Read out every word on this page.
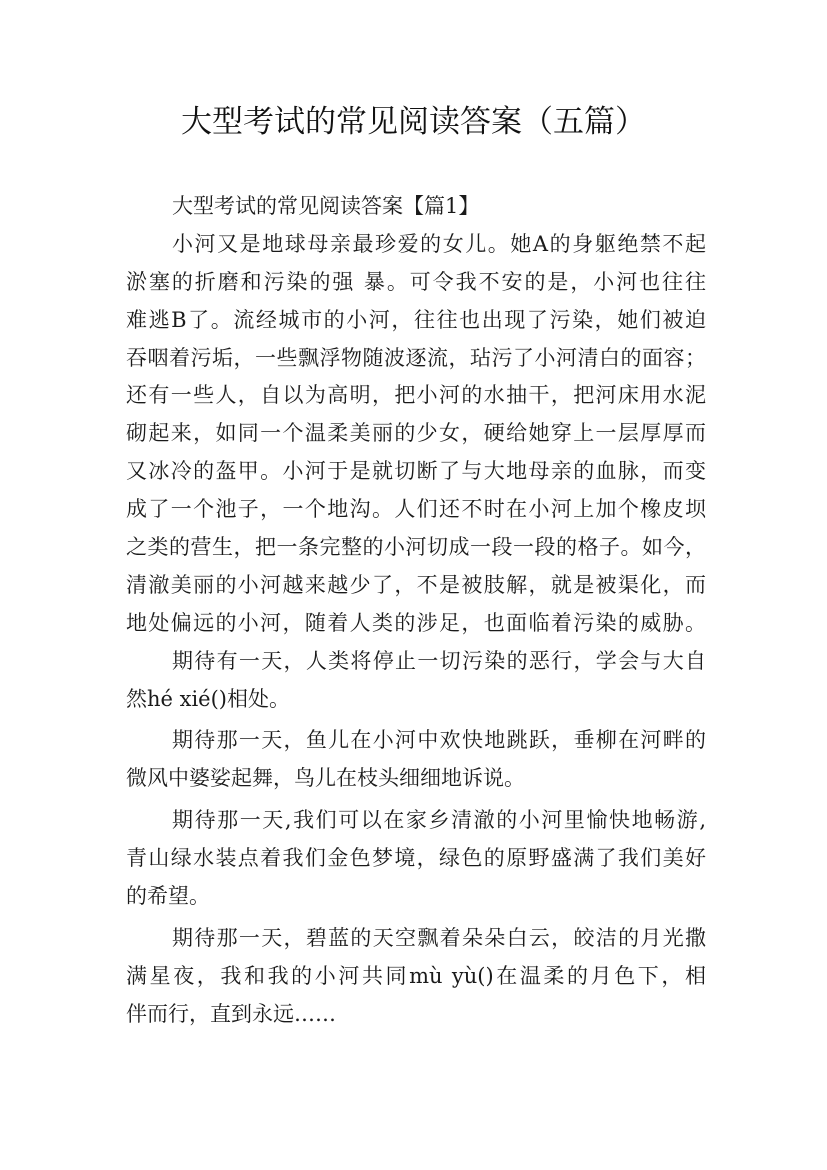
大型考试的常见阅读答案（五篇）
大型考试的常见阅读答案【篇1】
小河又是地球母亲最珍爱的女儿。她A的身躯绝禁不起
淤塞的折磨和污染的强 暴。可令我不安的是，小河也往往
难逃B了。流经城市的小河，往往也出现了污染，她们被迫
吞咽着污垢，一些飘浮物随波逐流，玷污了小河清白的面容；
还有一些人，自以为高明，把小河的水抽干，把河床用水泥
砌起来，如同一个温柔美丽的少女，硬给她穿上一层厚厚而
又冰冷的盔甲。小河于是就切断了与大地母亲的血脉，而变
成了一个池子，一个地沟。人们还不时在小河上加个橡皮坝
之类的营生，把一条完整的小河切成一段一段的格子。如今，
清澈美丽的小河越来越少了，不是被肢解，就是被渠化，而
地处偏远的小河，随着人类的涉足，也面临着污染的威胁。
期待有一天，人类将停止一切污染的恶行，学会与大自
然hé xié()相处。
期待那一天，鱼儿在小河中欢快地跳跃，垂柳在河畔的
微风中婆娑起舞，鸟儿在枝头细细地诉说。
期待那一天,我们可以在家乡清澈的小河里愉快地畅游,
青山绿水装点着我们金色梦境，绿色的原野盛满了我们美好
的希望。
期待那一天，碧蓝的天空飘着朵朵白云，皎洁的月光撒
满星夜，我和我的小河共同mù yù()在温柔的月色下，相
伴而行，直到永远……
